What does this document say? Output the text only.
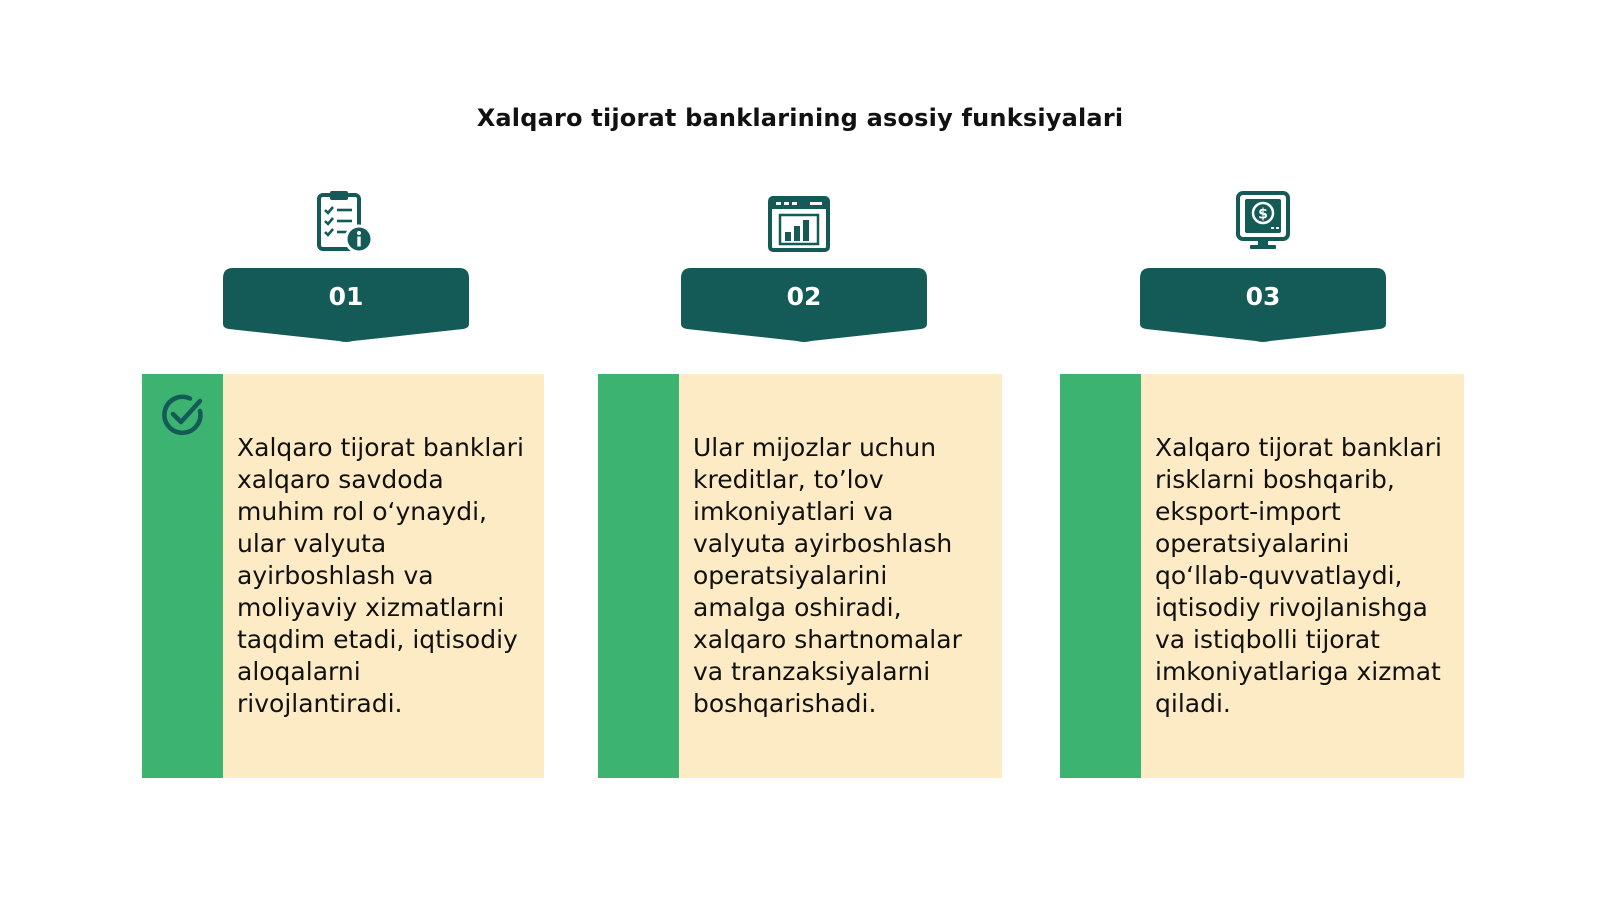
Xalqaro tijorat banklarining asosiy funksiyalari
01

Xalqaro tijorat banklari xalqaro savdoda muhim rol o‘ynaydi, ular valyuta ayirboshlash va moliyaviy xizmatlarni taqdim etadi, iqtisodiy aloqalarni rivojlantiradi.

02

Ular mijozlar uchun kreditlar, to’lov imkoniyatlari va valyuta ayirboshlash operatsiyalarini amalga oshiradi, xalqaro shartnomalar va tranzaksiyalarni boshqarishadi.

$
03

Xalqaro tijorat banklari risklarni boshqarib, eksport-import operatsiyalarini qo‘llab-quvvatlaydi, iqtisodiy rivojlanishga va istiqbolli tijorat imkoniyatlariga xizmat qiladi.
